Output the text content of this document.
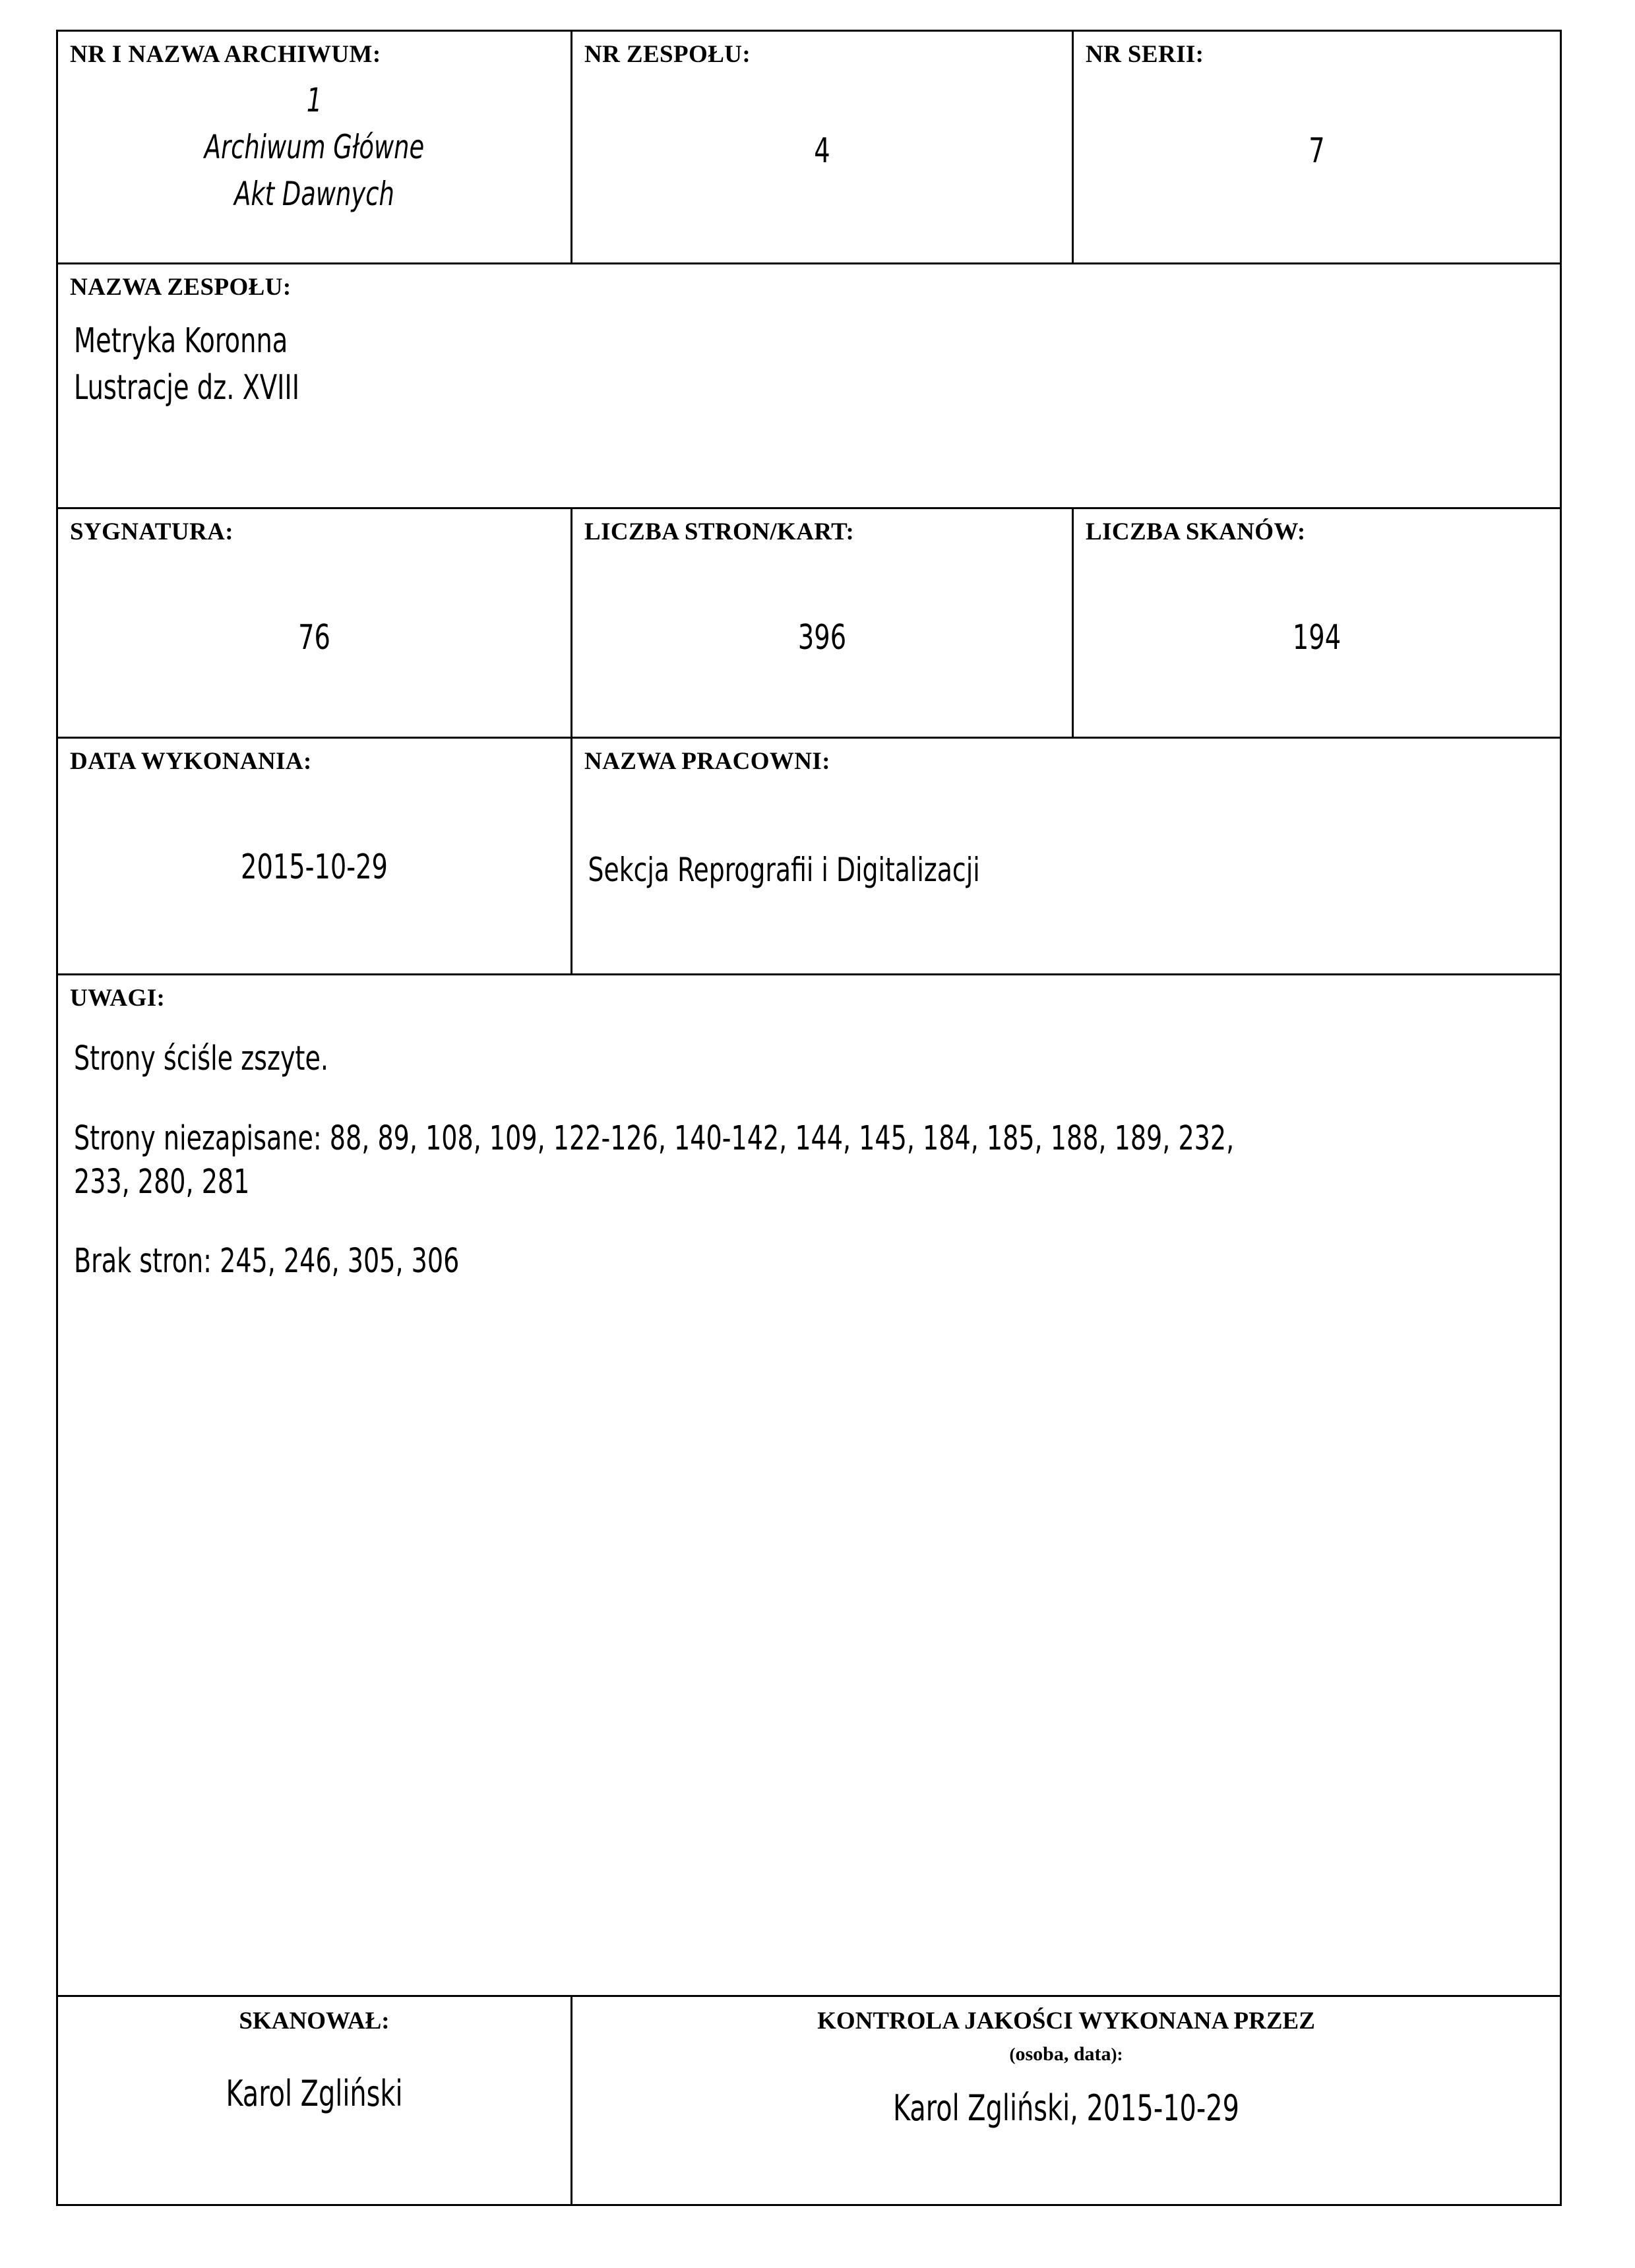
NR I NAZWA ARCHIWUM:
1
Archiwum Główne
Akt Dawnych

NR ZESPOŁU:
4

NR SERII:
7

NAZWA ZESPOŁU:
Metryka Koronna
Lustracje dz. XVIII		

SYGNATURA:
76

LICZBA STRON/KART:
396

LICZBA SKANÓW:
194

DATA WYKONANIA:
2015-10-29

NAZWA PRACOWNI:
Sekcja Reprografii i Digitalizacji

UWAGI:
Strony ściśle zszyte.
Strony niezapisane: 88, 89, 108, 109, 122-126, 140-142, 144, 145, 184, 185, 188, 189, 232, 233, 280, 281
Brak stron: 245, 246, 305, 306		

SKANOWAŁ:
Karol Zgliński

KONTROLA JAKOŚCI WYKONANA PRZEZ
(osoba, data):
Karol Zgliński, 2015-10-29
